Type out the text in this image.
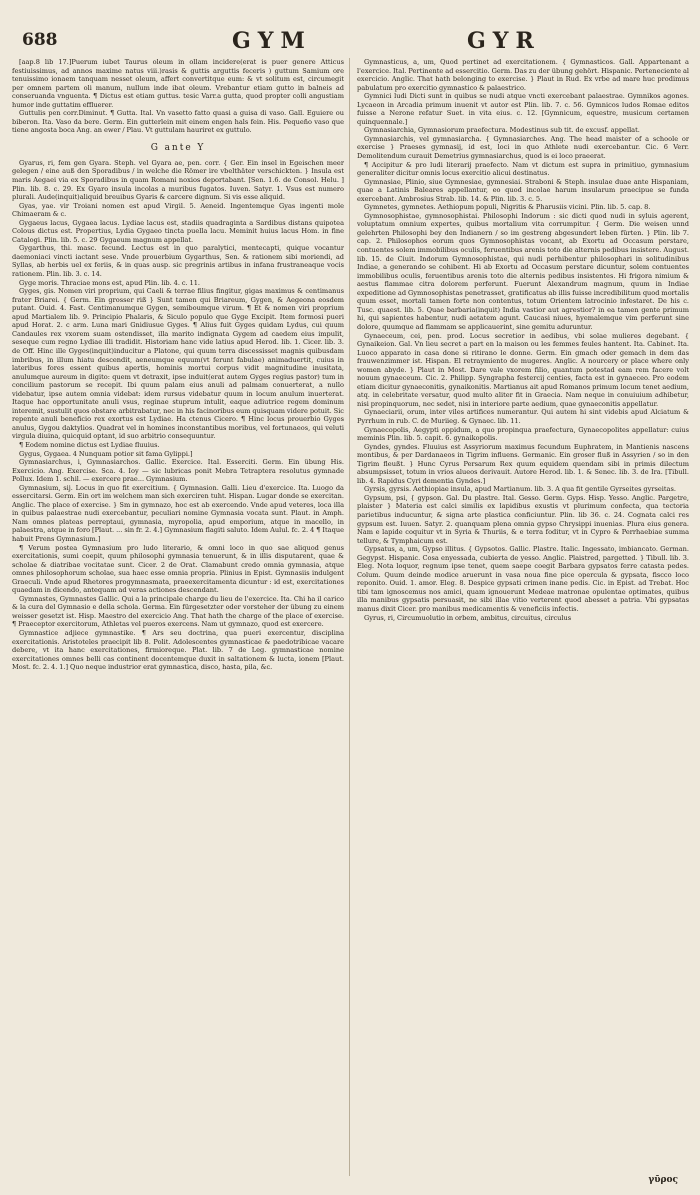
688	GYM	GYR

[aap.8 lib 17.]Puerum iubet Taurus oleum in ollam incidere(erat is puer genere Atticus festiuissimus, ad annos maxime natus viii.)rasis & guttis arguttis feceris ) guttum Samium ore tenuissimo ionaem tanquam nesset oleum, affert convertitque eum: & vt solitum est, circumegit per omnem partem oli manum, nullum inde ibat oleum. Vrebantur etiam gutto in balneis ad conseruanda vnguenta. ¶ Dictus est etiam guttus. tesic Varr.a gutta, quod propter colli angustiam humor inde guttatim effluerer.

Guttulis pen corr.Diminut. ¶ Gutta. Ital. Vn vasetto fatto quasi a guisa di vaso. Gall. Eguiere ou biberon. Ita. Vaso da bere. Germ. Ein gutterlein mit einem engen hals fein. His. Pequeño vaso que tiene angosta boca Ang. an ewer / Plau. Vt guttulam hauriret ex guttulo.

G ante Y

Gyarus, ri, fem gen Gyara. Steph. vel Gyara ae, pen. corr. { Ger. Ein insel in Egeischen meer gelegen / eine auß den Sporadibus / in welche die Römer ire vbelthäter verschickten. } Insula est maris Aegaei via ex Sporadibus in quam Romani noxios deportabant. [Sen. 1.6. de Consol. Helu. ] Plin. lib. 8. c. 29. Ex Gyaro insula incolas a muribus fugatos. Iuven. Satyr. 1. Vsus est numero plurali. Aude(inquit)aliquid breuibus Gyaris & carcere dignum. Si vis esse aliquid.

Gyas, yae. vir Troiani nomen est apud Virgil. 5. Aeneid. Ingentemque Gyas ingenti mole Chimaeram & c.

Gygaeus lacus, Gygaea lacus. Lydiae lacus est, stadiis quadraginta a Sardibus distans quipotea Colous dictus est. Propertius, Lydia Gygaeo tincta puella lacu. Meminit huius lacus Hom. in fine Catalogi. Plin. lib. 5. c. 29 Gygaeum magnum appellat.

Gygarthus, thi. masc. fecund. Lectus est in quo paralytici, mentecapti, quique vocantur daemoniaci vincti iactant sese. Vnde prouerbium Gygarthus, Sen. & rationem sibi moriendi, ad Syllas, ab herbis uel ex feriis, & in quas ausp. sic pregrinis artibus in infana frustraneaque vocis rationem. Plin. lib. 3. c. 14.

Gyge moris. Thraciae mons est, apud Plin. lib. 4. c. 11.

Gyges, gis. Nomen viri proprium, qui Caeli & terrae filius fingitur, gigas maximus & centimanus frater Briarei. { Germ. Ein grosser riß } Sunt tamen qui Briareum, Gygen, & Aegeona eosdem putant. Ouid. 4. Fast. Centimanumque Gygen, semiboumque virum. ¶ Et & nomen viri proprium apud Martialem lib. 9. Principio Phalaris, & Siculo populo que Gyge Excipit. Item formosi pueri apud Horat. 2. c arm. Luna mari Gnidiusue Gyges. ¶ Alius fuit Gyges quidam Lydus, cui quum Candaules rex vxorem suam ostendisset, illa marito indignata Gygem ad caedem eius impulit, seseque cum regno Lydiae illi tradidit. Historiam hanc vide latius apud Herod. lib. 1. Cicer. lib. 3. de Off. Hinc ille Gyges(inquit)inducitur a Platone, qui quum terra discessisset magnis quibusdam imbribus, in illum hiatu descendit, aeneumque equum(vt ferunt fabulae) animaduertit, cuius in lateribus fores essent quibus apertis, hominis mortui corpus vidit magnitudine inusitata, anulumque aureum in digito: quem vt detraxit, ipse induit(erat autem Gyges regius pastor) tum in concilium pastorum se recepit. Ibi quum palam eius anuli ad palmam conuerterat, a nullo videbatur, ipse autem omnia videbat: idem rursus videbatur quum in locum anulum inuerterat. Itaque hac opportunitate anuli vsus, reginae stuprum intulit, eaque adiutrice regem dominum interemit, sustulit quos obstare arbitrabatur, nec in his facinoribus eum quisquam videre potuit. Sic repente anuli beneficio rex exortus est Lydiae. Ha ctenus Cicero. ¶ Hinc locus prouerbio Gyges anulus, Gygou daktylios. Quadrat vel in homines inconstantibus moribus, vel fortunaeos, qui veluti virgula diuina, quicquid optant, id suo arbitrio consequuntur.

¶ Eodem nomine dictus est Lydiae fluuius.

Gygus, Gygaea. 4 Nunquam potior sit fama Gylippi.]

Gymnasiarchus, i, Gymnasiarchos. Gallic. Exercice. Ital. Esserciti. Germ. Ein übung His. Exercicio. Ang. Exercise. Sca. 4. Ioy — sic lubricas ponit Mebra Tetraptera resolutus gymnade Pollux. Idem 1. schil. — exercere prae... Gymnasium.

Gymnasium, sij. Locus in quo fit exercitium. { Gymnasion. Galli. Lieu d'exercice. Ita. Luogo da essercitarsi. Germ. Ein ort im welchem man sich exerciren tuht. Hispan. Lugar donde se exercitan. Anglic. The place of exercise. } Sm in gymnazo, hoc est ab exercendo. Vnde apud veteres, loca illa in quibus palaestrae nudi exercebantur, peculiari nomine Gymnasia vocata sunt. Plaut. in Amph. Nam omnes plateas perreptaui, gymnasia, myropolia, apud emporium, atque in macello, in palaestra, atque in foro [Plaut. ... sin fr. 2. 4.] Gymnasium flagiti saluto. Idem Aulul. fc. 2. 4 ¶ Itaque habuit Prens Gymnasium.]

¶ Verum postea Gymnasium pro ludo literario, & omni loco in quo sae aliquod genus exercitationis, sumi coepit, quum philosophi gymnasia tenuerunt, & in illis disputarent, quae & scholae & diatribae vocitatae sunt. Cicer. 2 de Orat. Clamabunt credo omnia gymnasia, atque omnes philosophorum scholae, sua haec esse omnia propria. Plinius in Epist. Gymnasiis indulgent Graeculi. Vnde apud Rhetores progymnasmata, praeexercitamenta dicuntur : id est, exercitationes quaedam in dicendo, antequam ad veras actiones descendant.

Gymnastes, Gymnastes Gallic. Qui a la principale charge du lieu de l'exercice. Ita. Chi ha il carico & la cura del Gymnasio e della schola. Germa. Ein fürgesetzter oder vorsteher der übung zu einem weisser gesetzt ist. Hisp. Maestro del exercicio Ang. That hath the charge of the place of exercise. ¶ Praeceptor exercitorum, Athletas vel pueros exercens. Nam ut gymnazo, quod est exercere.

Gymnastice adjiece gymnastike. ¶ Ars seu doctrina, qua pueri exercentur, disciplina exercitationis. Aristoteles praecipit lib 8. Polit. Adolescentes gymnasticae & paedotribicae vacare debere, vt ita hanc exercitationes, firmioreque. Plat. lib. 7 de Leg. gymnasticae nomine exercitationes omnes belli cas continent docentemque duxit in saltationem & lucta, ionem [Plaut. Most. fc. 2. 4. 1.] Quo neque industrior erat gymnastica, disco, hasta, pila, &c.

Gymnasticus, a, um, Quod pertinet ad exercitationem. { Gymnasticos. Gall. Appartenant a l'exercice. Ital. Pertinente ad essercitio. Germ. Das zu der übung gehört. Hispanic. Perteneciente al exercicio. Anglic. That hath belonging to exercise. } Plaut in Rud. Ex vrbe ad mare huc prodimus pabulatum pro exercitio gymnastico & palaestrico.

Gymnici ludi Dicti sunt in quibus se nudi atque vncti exercebant palaestrae. Gymnikos agones. Lycaeon in Arcadia primum inuenit vt autor est Plin. lib. 7. c. 56. Gymnicos ludos Romae editos fuisse a Nerone refatur Suet. in vita eius. c. 12. [Gymnicum, equestre, musicum certamen quinquennale.]

Gymnasiarchia, Gymnasiorum praefectura. Modestinus sub tit. de excusf. appellat.

Gymnasiarchis, vel gymnasiarcha. { Gymnasiarches. Ang. The head maister of a schoole or exercise } Praeses gymnasij, id est, loci in quo Athlete nudi exercebantur. Cic. 6 Verr. Demolitendum curauit Demetrius gymnasiarchus, quod is ei loco praeerat.

¶ Accipitur & pro ludi literarij praefecto. Nam vt dictum est supra in primitiuo, gymnasium generaliter dicitur omnis locus exercitio alicui destinatus.

Gymnasiae, Plinio, siue Gymnesiae, gymnesiai. Straboni & Steph. insulae duae ante Hispaniam, quae a Latinis Baleares appellantur, eo quod incolae harum insularum praecipue se funda exercebant. Ambrosius Strab. lib. 14. & Plin. lib. 3. c. 5.

Gymnetes, gymnetes. Aethiopum populi, Nigritis & Pharusiis vicini. Plin. lib. 5. cap. 8.

Gymnosophistae, gymnosophistai. Philosophi Indorum : sic dicti quod nudi in syluis agerent, voluptatum omnium expertes, quibus mortalium vita corrumpitur. { Germ. Die weisen unnd gelehrten Philosophi bey den Indianern / so im gestreng abgesundert leben fürten. } Plin. lib 7. cap. 2. Philosophos eorum quos Gymnosophistas vocant, ab Exortu ad Occasum perstare, contuentes solem immobilibus oculis, feruentibus arenis toto die alternis pedibus insistere. August. lib. 15. de Ciuit. Indorum Gymnosophistae, qui nudi perhibentur philosophari in solitudinibus Indiae, a generando se cohibent. Hi ab Exortu ad Occasum perstare dicuntur, solem contuentes immobilibus oculis, feruentibus arenis toto die alternis pedibus insistentes. Hi frigora nimium & aestus flammae citra dolorem perferunt. Fuerunt Alexandrum magnum, quum in Indiae expeditione ad Gymnosophistas penetrasset, gratificatus ab illis fuisse incredibilitum quod mortalis quum esset, mortali tamen forte non contentus, totum Orientem latrocinio infestaret. De his c. Tusc. quaest. lib. 5. Quae barbaria(inquit) India vastior aut agrestior? in ea tamen gente primum hi, qui sapientes habentur, nudi aetatem agunt. Caucasi niues, hyemalemque vim perferunt sine dolore, quumque ad flammam se applicauerint, sine gemitu aduruntur.

Gynaeceum, cei, pen. prod. Locus secretior in aedibus, vbi solae mulieres degebant. { Gynaikeion. Gal. Vn lieu secret a part en la maison ou les femmes feules hantent. Ita. Cabinet. Ita. Luoco apparato in casa done si ritirano le donne. Germ. Ein gmach oder gemach in dem das frauwenzimmer ist. Hispan. El retraymiento de mugeres. Anglic. A nourcery or place where only women abyde. } Plaut in Most. Dare vale vxorem filio, quantum potestad eam rem facere volt nouum gynaeceum. Cic. 2. Philipp. Syngrapha festercij centies, facta est in gynaeceo. Pro eodem etiam dicitur gynaeconitis, gynaikonitis. Martianus ait apud Romanos primum locum tenet aedium, atq. in celebritate versatur, quod multo aliter fit in Graecia. Nam neque in conuiuium adhibetur, nisi propinquorum, nec sedet, nisi in interiore parte aedium, quae gynaeconitis appellatur.

Gynaeciarii, orum, inter viles artifices numerantur. Qui autem hi sint videbis apud Alciatum & Pyrrhum in rub. C. de Muriieg. & Gynaec. lib. 11.

Gynaecopolis, Aegypti oppidum, a quo propinqua praefectura, Gynaecopolites appellatur: cuius meminis Plin. lib. 5. capit. 6. gynaikopolis.

Gyndes, gyndes. Fluuius est Assyriorum maximus fecundum Euphratem, in Mantienis nascens montibus, & per Dardanaeos in Tigrim influens. Germanic. Ein groser fluß in Assyrien / so in den Tigrim fleußt. } Hunc Cyrus Persarum Rex quum equidem quendam sibi in primis dilectum absumpsisset, totum in vrios alueos derivauit. Autore Herod. lib. 1. & Senec. lib. 3. de Ira. [Tibull. lib. 4. Rapidus Cyri dementia Gyndes.]

Gyrsis, gyrsis. Aethiopiae insula, apud Martianum. lib. 3. A qua fit gentile Gyrseites gyrseitas.

Gypsum, psi, { gypson. Gal. Du plastre. Ital. Gesso. Germ. Gyps. Hisp. Yesso. Anglic. Pargetre, plaister } Materia est calci similis ex lapidibus exustis vt plurimum confecta, qua tectoria parietibus inducuntur, & signa arte plastica conficiuntur. Plin. lib 36. c. 24. Cognata calci res gypsum est. Iuuen. Satyr. 2. quanquam plena omnia gypso Chrysippi inuenias. Plura eius genera. Nam e lapide coquitur vt in Syria & Thuriis, & e terra foditur, vt in Cypro & Perrhaebiae summa tellure, & Tymphaicum est.

Gypsatus, a, um, Gypso illitus. { Gypsotos. Gallic. Plastre. Italic. Ingessato, imbiancato. German. Gegypst. Hispanic. Cosa enyessada, cubierta de yesso. Anglic. Plaistred, pargetted. } Tibull. lib. 3. Eleg. Nota loquor, regnum ipse tenet, quem saepe coegit Barbara gypsatos ferre catasta pedes. Colum. Quum deinde modice aruerunt in vasa noua fine pice opercula & gypsata, fiscco loco reponito. Ouid. 1. amor. Eleg. 8. Despice gypsati crimen inane pedis. Cic. in Epist. ad Trebat. Hoc tibi tam ignoscemus nos amici, quam ignouerunt Medeae matronae opulentae optimates, quibus illa manibus gypsatis persuasit, ne sibi illae vitio verterent quod abesset a patria. Vbi gypsatas manus dixit Cicer. pro manibus medicamentis & veneficiis infectis.

Gyrus, ri, Circumuolutio in orbem, ambitus, circuitus, circulus

γῦρος
